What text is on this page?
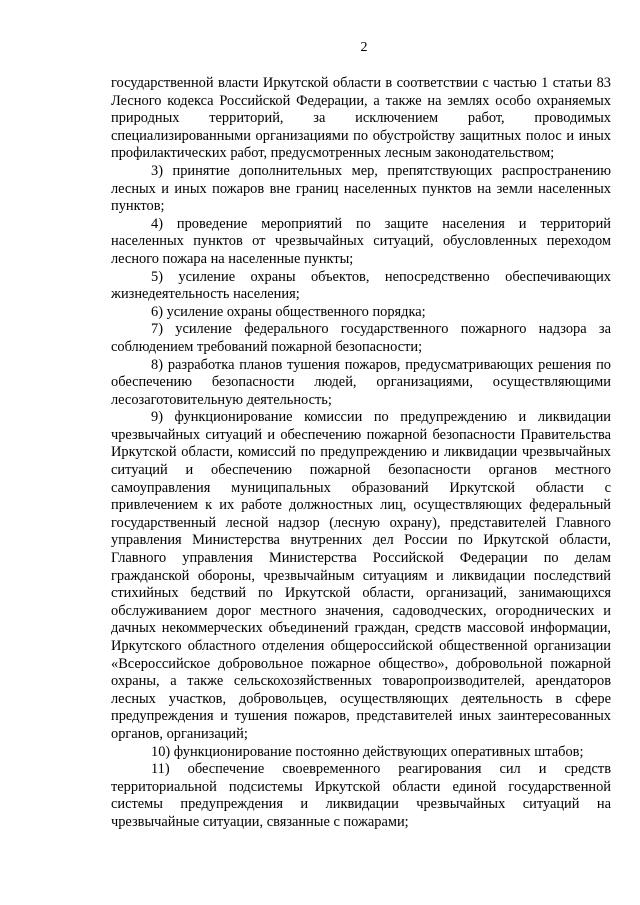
2

государственной власти Иркутской области в соответствии с частью 1 статьи 83 Лесного кодекса Российской Федерации, а также на землях особо охраняемых природных территорий, за исключением работ, проводимых специализированными организациями по обустройству защитных полос и иных профилактических работ, предусмотренных лесным законодательством;

3) принятие дополнительных мер, препятствующих распространению лесных и иных пожаров вне границ населенных пунктов на земли населенных пунктов;

4) проведение мероприятий по защите населения и территорий населенных пунктов от чрезвычайных ситуаций, обусловленных переходом лесного пожара на населенные пункты;

5) усиление охраны объектов, непосредственно обеспечивающих жизнедеятельность населения;

6) усиление охраны общественного порядка;

7) усиление федерального государственного пожарного надзора за соблюдением требований пожарной безопасности;

8) разработка планов тушения пожаров, предусматривающих решения по обеспечению безопасности людей, организациями, осуществляющими лесозаготовительную деятельность;

9) функционирование комиссии по предупреждению и ликвидации чрезвычайных ситуаций и обеспечению пожарной безопасности Правительства Иркутской области, комиссий по предупреждению и ликвидации чрезвычайных ситуаций и обеспечению пожарной безопасности органов местного самоуправления муниципальных образований Иркутской области с привлечением к их работе должностных лиц, осуществляющих федеральный государственный лесной надзор (лесную охрану), представителей Главного управления Министерства внутренних дел России по Иркутской области, Главного управления Министерства Российской Федерации по делам гражданской обороны, чрезвычайным ситуациям и ликвидации последствий стихийных бедствий по Иркутской области, организаций, занимающихся обслуживанием дорог местного значения, садоводческих, огороднических и дачных некоммерческих объединений граждан, средств массовой информации, Иркутского областного отделения общероссийской общественной организации «Всероссийское добровольное пожарное общество», добровольной пожарной охраны, а также сельскохозяйственных товаропроизводителей, арендаторов лесных участков, добровольцев, осуществляющих деятельность в сфере предупреждения и тушения пожаров, представителей иных заинтересованных органов, организаций;

10) функционирование постоянно действующих оперативных штабов;

11) обеспечение своевременного реагирования сил и средств территориальной подсистемы Иркутской области единой государственной системы предупреждения и ликвидации чрезвычайных ситуаций на чрезвычайные ситуации, связанные с пожарами;
